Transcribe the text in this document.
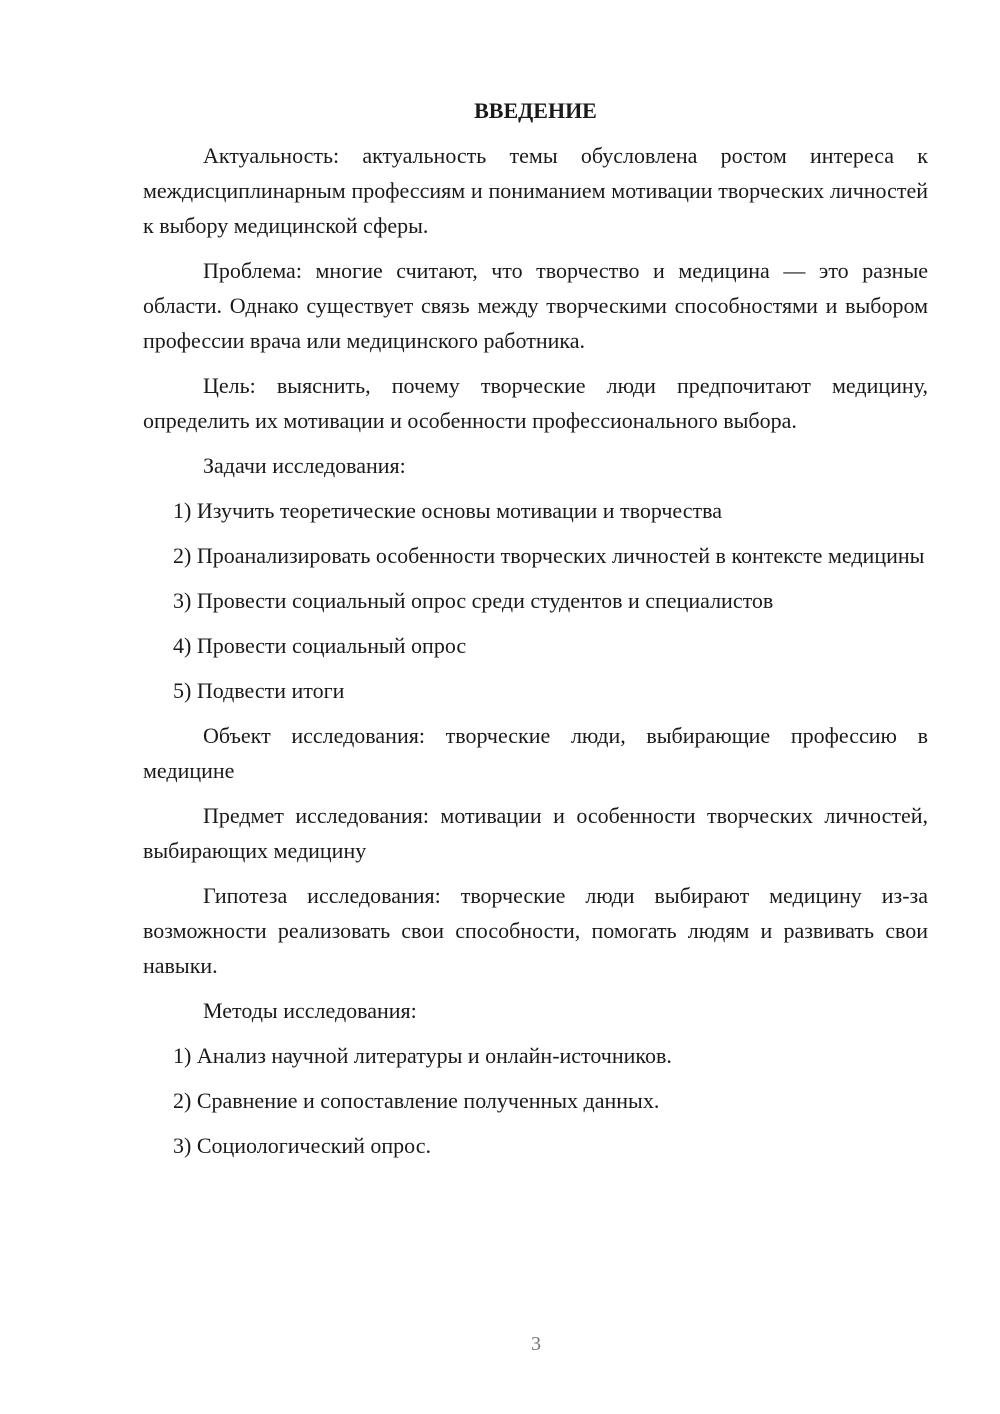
ВВЕДЕНИЕ

Актуальность: актуальность темы обусловлена ростом интереса к междисциплинарным профессиям и пониманием мотивации творческих личностей к выбору медицинской сферы.

Проблема: многие считают, что творчество и медицина — это разные области. Однако существует связь между творческими способностями и выбором профессии врача или медицинского работника.

Цель: выяснить, почему творческие люди предпочитают медицину, определить их мотивации и особенности профессионального выбора.

Задачи исследования:

1) Изучить теоретические основы мотивации и творчества

2) Проанализировать особенности творческих личностей в контексте медицины

3) Провести социальный опрос среди студентов и специалистов

4) Провести социальный опрос

5) Подвести итоги

Объект исследования: творческие люди, выбирающие профессию в медицине

Предмет исследования: мотивации и особенности творческих личностей, выбирающих медицину

Гипотеза исследования: творческие люди выбирают медицину из-за возможности реализовать свои способности, помогать людям и развивать свои навыки.

Методы исследования:

1) Анализ научной литературы и онлайн-источников.

2) Сравнение и сопоставление полученных данных.

3) Социологический опрос.

3
